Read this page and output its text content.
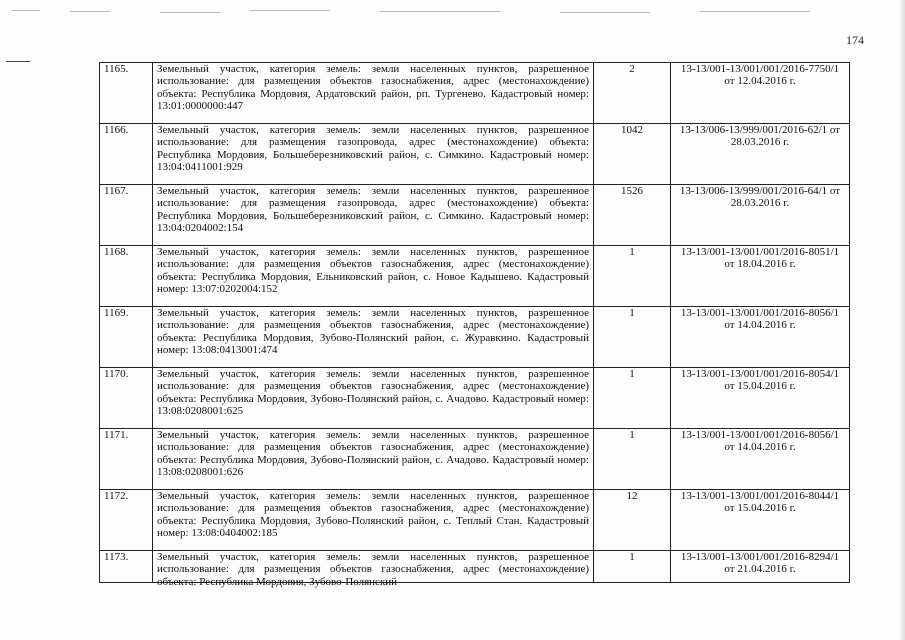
174
1165.	Земельный участок, категория земель: земли населенных пунктов, разрешенное использование: для размещения объектов газоснабжения, адрес (местонахождение) объекта: Республика Мордовия, Ардатовский район, рп. Тургенево. Кадастровый номер: 13:01:0000000:447	2	13-13/001-13/001/001/2016-7750/1 от 12.04.2016 г.
1166.	Земельный участок, категория земель: земли населенных пунктов, разрешенное использование: для размещения газопровода, адрес (местонахождение) объекта: Республика Мордовия, Большеберезниковский район, с. Симкино. Кадастровый номер: 13:04:0411001:929	1042	13-13/006-13/999/001/2016-62/1 от 28.03.2016 г.
1167.	Земельный участок, категория земель: земли населенных пунктов, разрешенное использование: для размещения газопровода, адрес (местонахождение) объекта: Республика Мордовия, Большеберезниковский район, с. Симкино. Кадастровый номер: 13:04:0204002:154	1526	13-13/006-13/999/001/2016-64/1 от 28.03.2016 г.
1168.	Земельный участок, категория земель: земли населенных пунктов, разрешенное использование: для размещения объектов газоснабжения, адрес (местонахождение) объекта: Республика Мордовия, Ельниковский район, с. Новое Кадышево. Кадастровый номер: 13:07:0202004:152	1	13-13/001-13/001/001/2016-8051/1 от 18.04.2016 г.
1169.	Земельный участок, категория земель: земли населенных пунктов, разрешенное использование: для размещения объектов газоснабжения, адрес (местонахождение) объекта: Республика Мордовия, Зубово-Полянский район, с. Журавкино. Кадастровый номер: 13:08:0413001:474	1	13-13/001-13/001/001/2016-8056/1 от 14.04.2016 г.
1170.	Земельный участок, категория земель: земли населенных пунктов, разрешенное использование: для размещения объектов газоснабжения, адрес (местонахождение) объекта: Республика Мордовия, Зубово-Полянский район, с. Ачадово. Кадастровый номер: 13:08:0208001:625	1	13-13/001-13/001/001/2016-8054/1 от 15.04.2016 г.
1171.	Земельный участок, категория земель: земли населенных пунктов, разрешенное использование: для размещения объектов газоснабжения, адрес (местонахождение) объекта: Республика Мордовия, Зубово-Полянский район, с. Ачадово. Кадастровый номер: 13:08:0208001:626	1	13-13/001-13/001/001/2016-8056/1 от 14.04.2016 г.
1172.	Земельный участок, категория земель: земли населенных пунктов, разрешенное использование: для размещения объектов газоснабжения, адрес (местонахождение) объекта: Республика Мордовия, Зубово-Полянский район, с. Теплый Стан. Кадастровый номер: 13:08:0404002:185	12	13-13/001-13/001/001/2016-8044/1 от 15.04.2016 г.
1173.	Земельный участок, категория земель: земли населенных пунктов, разрешенное использование: для размещения объектов газоснабжения, адрес (местонахождение) объекта: Республика Мордовия, Зубово-Полянский	1	13-13/001-13/001/001/2016-8294/1 от 21.04.2016 г.
